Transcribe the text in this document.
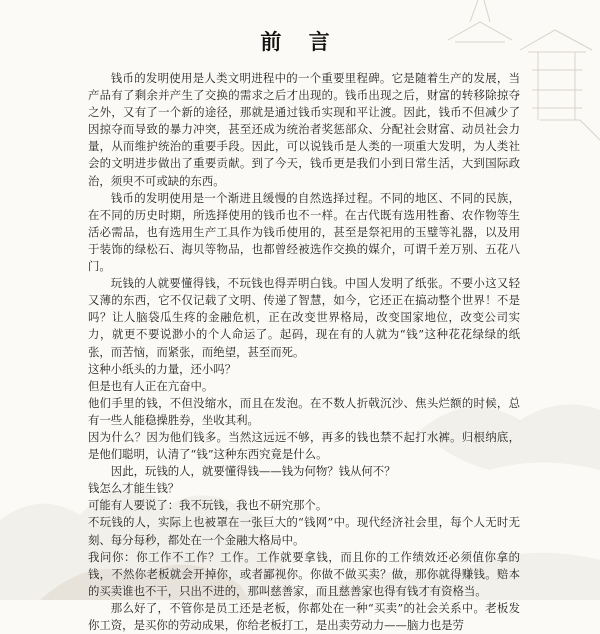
前 言

钱币的发明使用是人类文明进程中的一个重要里程碑。它是随着生产的发展，当产品有了剩余并产生了交换的需求之后才出现的。钱币出现之后，财富的转移除掠夺之外，又有了一个新的途径，那就是通过钱币实现和平让渡。因此，钱币不但减少了因掠夺而导致的暴力冲突，甚至还成为统治者奖惩部众、分配社会财富、动员社会力量，从而维护统治的重要手段。因此，可以说钱币是人类的一项重大发明，为人类社会的文明进步做出了重要贡献。到了今天，钱币更是我们小到日常生活，大到国际政治，须臾不可或缺的东西。

钱币的发明使用是一个渐进且缓慢的自然选择过程。不同的地区、不同的民族，在不同的历史时期，所选择使用的钱币也不一样。在古代既有选用牲畜、农作物等生活必需品，也有选用生产工具作为钱币使用的，甚至是祭祀用的玉璧等礼器，以及用于装饰的绿松石、海贝等物品，也都曾经被选作交换的媒介，可谓千差万别、五花八门。

玩钱的人就要懂得钱，不玩钱也得弄明白钱。中国人发明了纸张。不要小这又轻又薄的东西，它不仅记载了文明、传递了智慧，如今，它还正在搞动整个世界！不是吗？让人脑袋瓜生疼的金融危机，正在改变世界格局，改变国家地位，改变公司实力，就更不要说渺小的个人命运了。起码，现在有的人就为“钱”这种花花绿绿的纸张，而苦恼，而紧张，而绝望，甚至而死。

这种小纸头的力量，还小吗？

但是也有人正在亢奋中。

他们手里的钱，不但没缩水，而且在发泡。在不数人折戟沉沙、焦头烂额的时候，总有一些人能稳操胜券，坐收其利。

因为什么？因为他们钱多。当然这远远不够，再多的钱也禁不起打水裤。归根纳底，是他们聪明，认清了“钱”这种东西究竟是什么。

因此，玩钱的人，就要懂得钱——钱为何物？钱从何不？

钱怎么才能生钱？

可能有人要说了：我不玩钱，我也不研究那个。

不玩钱的人，实际上也被罩在一张巨大的“钱网”中。现代经济社会里，每个人无时无刻、每分每秒，都处在一个金融大格局中。

我问你：你工作不工作？工作。工作就要拿钱，而且你的工作绩效还必须值你拿的钱，不然你老板就会开掉你，或者鄙视你。你做不做买卖？做，那你就得赚钱。赔本的买卖谁也不干，只出不进的，那叫慈善家，而且慈善家也得有钱才有资格当。

那么好了，不管你是员工还是老板，你都处在一种“买卖”的社会关系中。老板发你工资，是买你的劳动成果，你给老板打工，是出卖劳动力——脑力也是劳
